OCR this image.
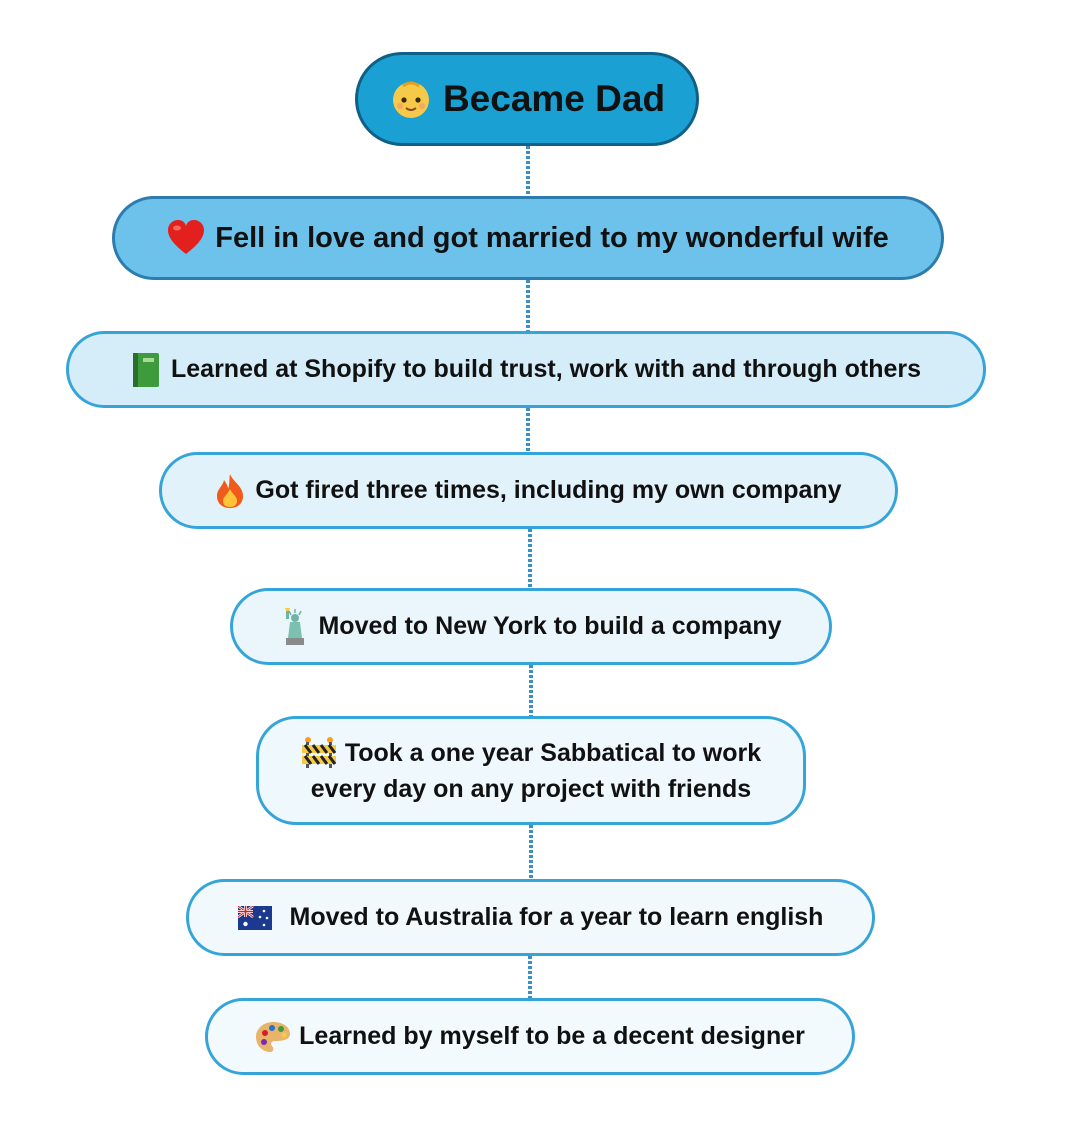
Became Dad
Fell in love and got married to my wonderful wife
Learned at Shopify to build trust, work with and through others
Got fired three times, including my own company
Moved to New York to build a company
Took a one year Sabbatical to work
every day on any project with friends
Moved to Australia for a year to learn english
Learned by myself to be a decent designer
